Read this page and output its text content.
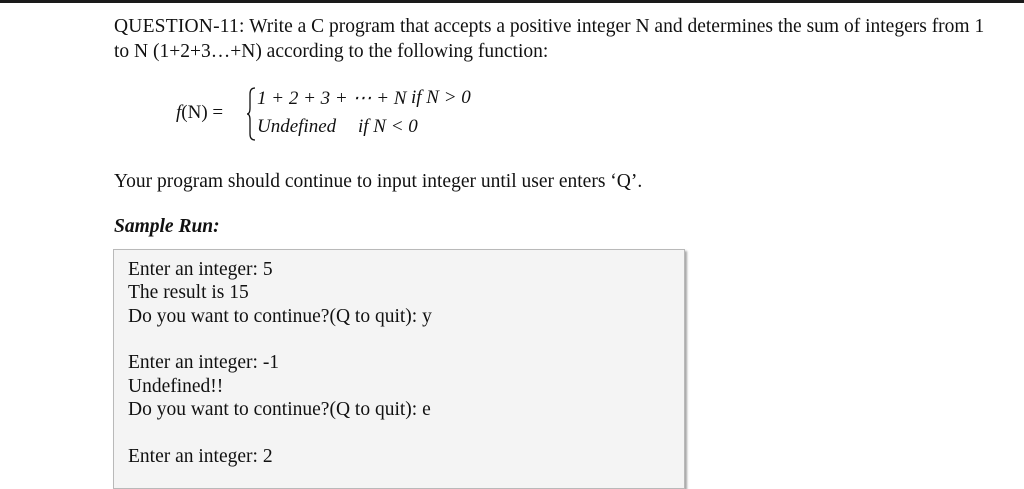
QUESTION-11: Write a C program that accepts a positive integer N and determines the sum of integers from 1 to N (1+2+3…+N) according to the following function:
f(N) =
1 + 2 + 3 + ⋯ + N if N > 0
Undefined if N < 0
Your program should continue to input integer until user enters ‘Q’.
Sample Run:
Enter an integer: 5
The result is 15
Do you want to continue?(Q to quit): y
Enter an integer: -1
Undefined!!
Do you want to continue?(Q to quit): e
Enter an integer: 2
